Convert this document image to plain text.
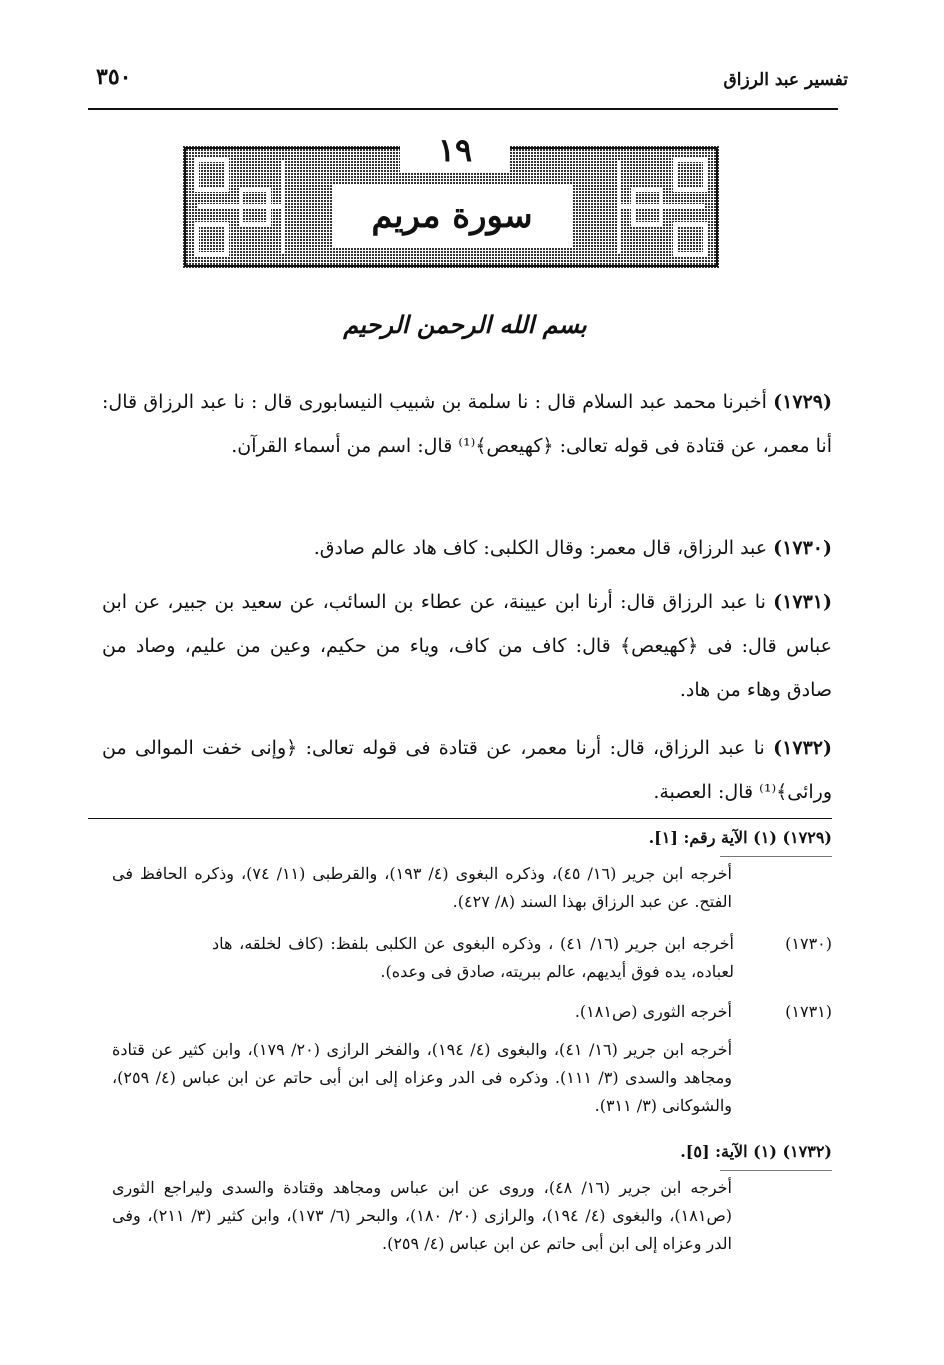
٣٥٠	تفسير عبد الرزاق
١٩
سورة مريم
بسم الله الرحمن الرحيم
(١٧٢٩) أخبرنا محمد عبد السلام قال : نا سلمة بن شبيب النيسابورى قال : نا عبد الرزاق قال: أنا معمر، عن قتادة فى قوله تعالى: ﴿كهيعص﴾⁽¹⁾ قال: اسم من أسماء القرآن.
(١٧٣٠) عبد الرزاق، قال معمر: وقال الكلبى: كاف هاد عالم صادق.
(١٧٣١) نا عبد الرزاق قال: أرنا ابن عيينة، عن عطاء بن السائب، عن سعيد بن جبير، عن ابن عباس قال: فى ﴿كهيعص﴾ قال: كاف من كاف، وياء من حكيم، وعين من عليم، وصاد من صادق وهاء من هاد.
(١٧٣٢) نا عبد الرزاق، قال: أرنا معمر، عن قتادة فى قوله تعالى: ﴿وإنى خفت الموالى من ورائى﴾⁽¹⁾ قال: العصبة.
(١٧٢٩) (١) الآية رقم: [١].
أخرجه ابن جرير (١٦/ ٤٥)، وذكره البغوى (٤/ ١٩٣)، والقرطبى (١١/ ٧٤)، وذكره الحافظ فى الفتح. عن عبد الرزاق بهذا السند (٨/ ٤٢٧).
(١٧٣٠)
أخرجه ابن جرير (١٦/ ٤١) ، وذكره البغوى عن الكلبى بلفظ: (كاف لخلقه، هاد لعباده، يده فوق أيديهم، عالم ببريته، صادق فى وعده).
(١٧٣١)
أخرجه الثورى (ص١٨١).
أخرجه ابن جرير (١٦/ ٤١)، والبغوى (٤/ ١٩٤)، والفخر الرازى (٢٠/ ١٧٩)، وابن كثير عن قتادة ومجاهد والسدى (٣/ ١١١). وذكره فى الدر وعزاه إلى ابن أبى حاتم عن ابن عباس (٤/ ٢٥٩)، والشوكانى (٣/ ٣١١).
(١٧٣٢) (١) الآية: [٥].
أخرجه ابن جرير (١٦/ ٤٨)، وروى عن ابن عباس ومجاهد وقتادة والسدى وليراجع الثورى (ص١٨١)، والبغوى (٤/ ١٩٤)، والرازى (٢٠/ ١٨٠)، والبحر (٦/ ١٧٣)، وابن كثير (٣/ ٢١١)، وفى الدر وعزاه إلى ابن أبى حاتم عن ابن عباس (٤/ ٢٥٩).
